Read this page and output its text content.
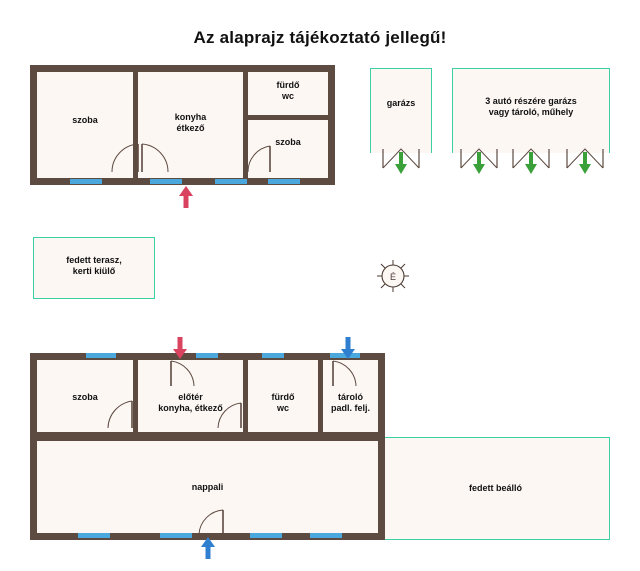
Az alaprajz tájékoztató jellegű!
szoba	konyha
étkező
fürdő
wc
szoba
garázs	3 autó részére garázs
vagy tároló, műhely
fedett terasz,
kerti kiülő
É
fedett beálló
szoba	előtér
konyha, étkező
fürdő
wc
tároló
padl. felj.
nappali
